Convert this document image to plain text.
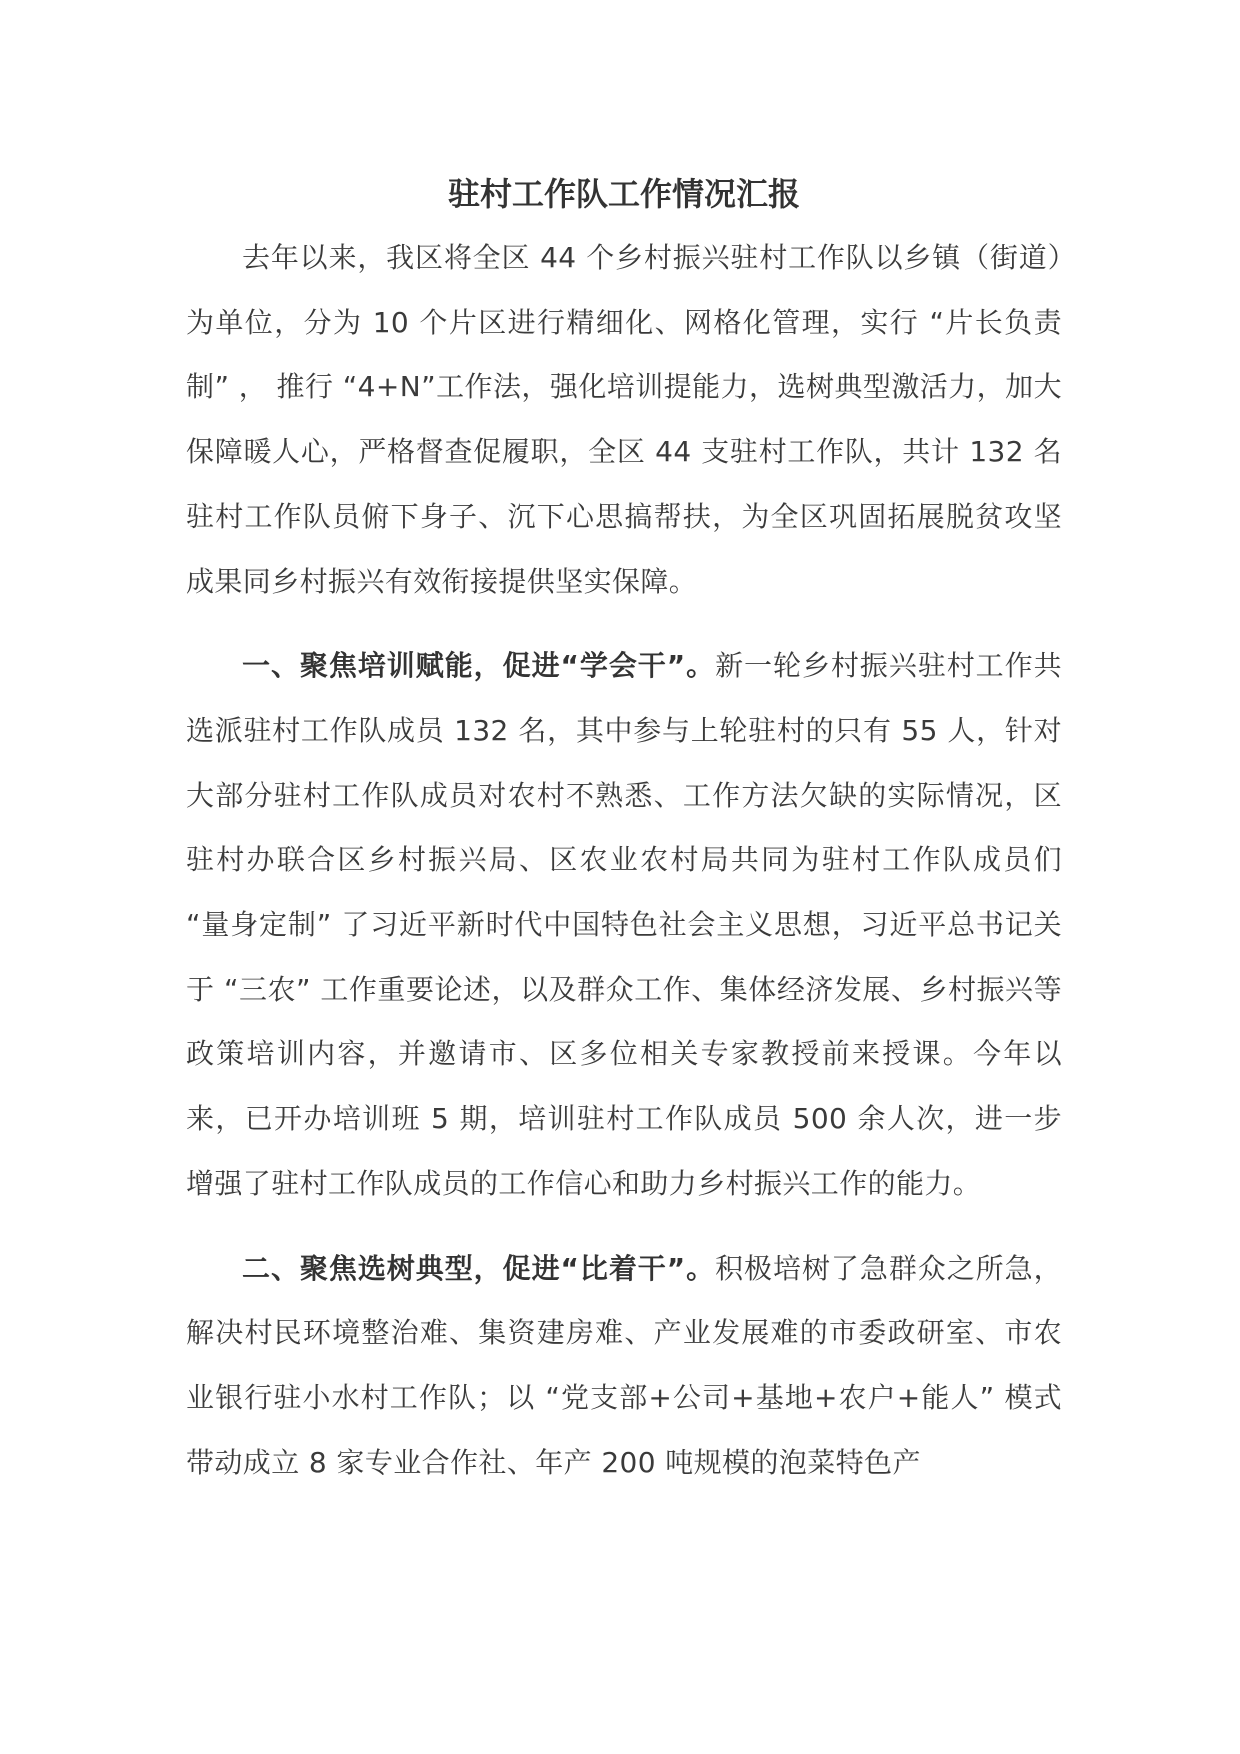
驻村工作队工作情况汇报

去年以来，我区将全区 44 个乡村振兴驻村工作队以乡镇（街道）为单位，分为 10 个片区进行精细化、网格化管理，实行 “片长负责制” ， 推行 “4+N”工作法，强化培训提能力，选树典型激活力，加大保障暖人心，严格督查促履职，全区 44 支驻村工作队，共计 132 名驻村工作队员俯下身子、沉下心思搞帮扶，为全区巩固拓展脱贫攻坚成果同乡村振兴有效衔接提供坚实保障。

一、聚焦培训赋能，促进“学会干”。新一轮乡村振兴驻村工作共选派驻村工作队成员 132 名，其中参与上轮驻村的只有 55 人，针对大部分驻村工作队成员对农村不熟悉、工作方法欠缺的实际情况，区驻村办联合区乡村振兴局、区农业农村局共同为驻村工作队成员们 “量身定制” 了习近平新时代中国特色社会主义思想，习近平总书记关于 “三农” 工作重要论述，以及群众工作、集体经济发展、乡村振兴等政策培训内容，并邀请市、区多位相关专家教授前来授课。今年以来，已开办培训班 5 期，培训驻村工作队成员 500 余人次，进一步增强了驻村工作队成员的工作信心和助力乡村振兴工作的能力。

二、聚焦选树典型，促进“比着干”。积极培树了急群众之所急，解决村民环境整治难、集资建房难、产业发展难的市委政研室、市农业银行驻小水村工作队；以 “党支部+公司+基地+农户+能人” 模式带动成立 8 家专业合作社、年产 200 吨规模的泡菜特色产
